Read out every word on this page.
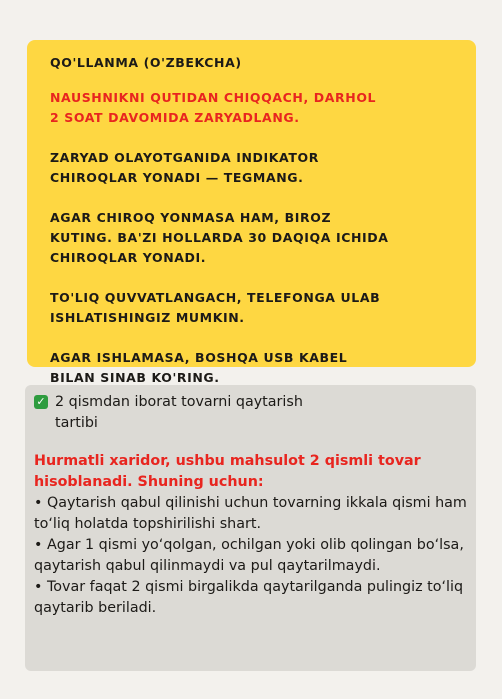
QO'LLANMA (O'ZBEKCHA)

NAUSHNIKNI QUTIDAN CHIQQACH, DARHOL
2 SOAT DAVOMIDA ZARYADLANG.

ZARYAD OLAYOTGANIDA INDIKATOR
CHIROQLAR YONADI — TEGMANG.

AGAR CHIROQ YONMASA HAM, BIROZ
KUTING. BA'ZI HOLLARDA 30 DAQIQA ICHIDA
CHIROQLAR YONADI.

TO'LIQ QUVVATLANGACH, TELEFONGA ULAB
ISHLATISHINGIZ MUMKIN.

AGAR ISHLAMASA, BOSHQA USB KABEL
BILAN SINAB KO'RING.

✓ 2 qismdan iborat tovarni qaytarish
tartibi

Hurmatli xaridor, ushbu mahsulot 2 qismli tovar hisoblanadi. Shuning uchun:

• Qaytarish qabul qilinishi uchun tovarning ikkala qismi ham to‘liq holatda topshirilishi shart.
• Agar 1 qismi yo‘qolgan, ochilgan yoki olib qolingan bo‘lsa, qaytarish qabul qilinmaydi va pul qaytarilmaydi.
• Tovar faqat 2 qismi birgalikda qaytarilganda pulingiz to‘liq qaytarib beriladi.
